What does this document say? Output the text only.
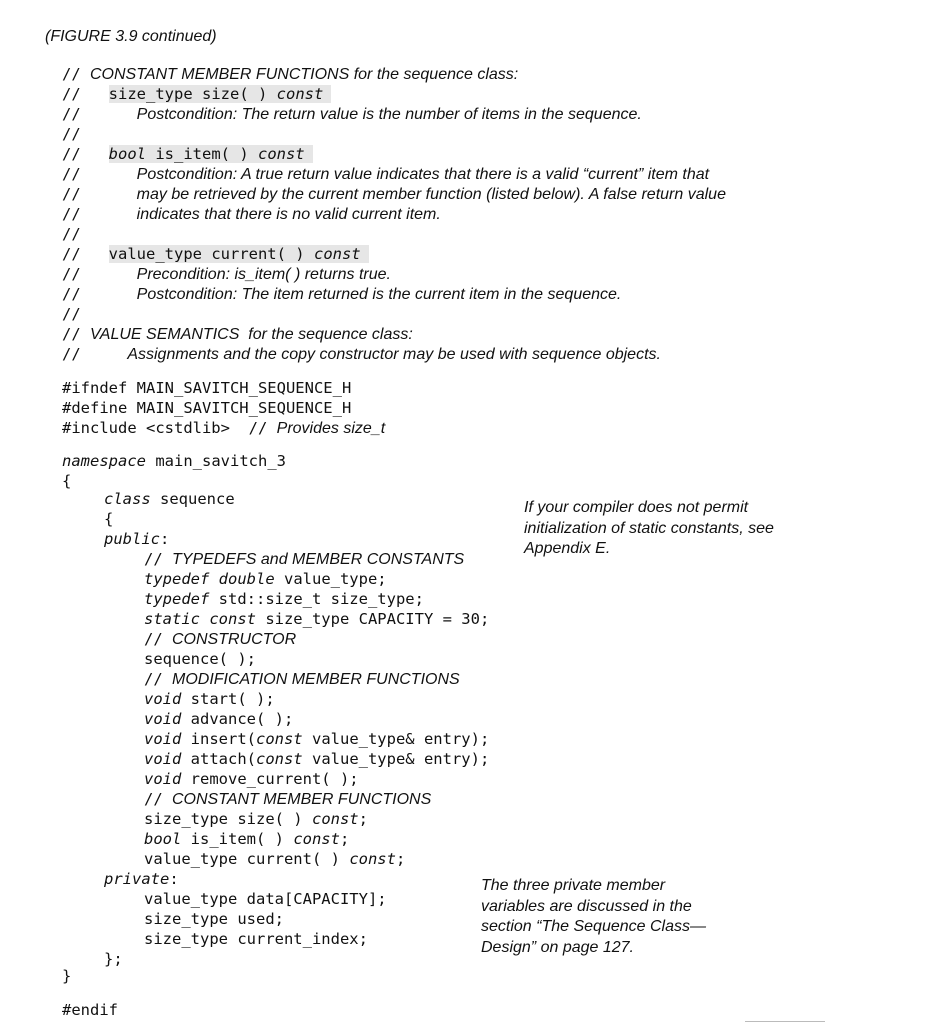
(FIGURE 3.9 continued)
// CONSTANT MEMBER FUNCTIONS for the sequence class:
//   size_type size( ) const
//      Postcondition: The return value is the number of items in the sequence.
//
//   bool is_item( ) const
//      Postcondition: A true return value indicates that there is a valid “current” item that
//      may be retrieved by the current member function (listed below). A false return value
//      indicates that there is no valid current item.
//
//   value_type current( ) const
//      Precondition: is_item( ) returns true.
//      Postcondition: The item returned is the current item in the sequence.
//
// VALUE SEMANTICS  for the sequence class:
//     Assignments and the copy constructor may be used with sequence objects.
#ifndef MAIN_SAVITCH_SEQUENCE_H
#define MAIN_SAVITCH_SEQUENCE_H
#include <cstdlib>  // Provides size_t
namespace main_savitch_3
{
class sequence
{
public:
// TYPEDEFS and MEMBER CONSTANTS
typedef double value_type;
typedef std::size_t size_type;
static const size_type CAPACITY = 30;
// CONSTRUCTOR
sequence( );
// MODIFICATION MEMBER FUNCTIONS
void start( );
void advance( );
void insert(const value_type& entry);
void attach(const value_type& entry);
void remove_current( );
// CONSTANT MEMBER FUNCTIONS
size_type size( ) const;
bool is_item( ) const;
value_type current( ) const;
private:
value_type data[CAPACITY];
size_type used;
size_type current_index;
};
}
#endif
If your compiler does not permit
initialization of static constants, see
Appendix E.
The three private member
variables are discussed in the
section “The Sequence Class—
Design” on page 127.
